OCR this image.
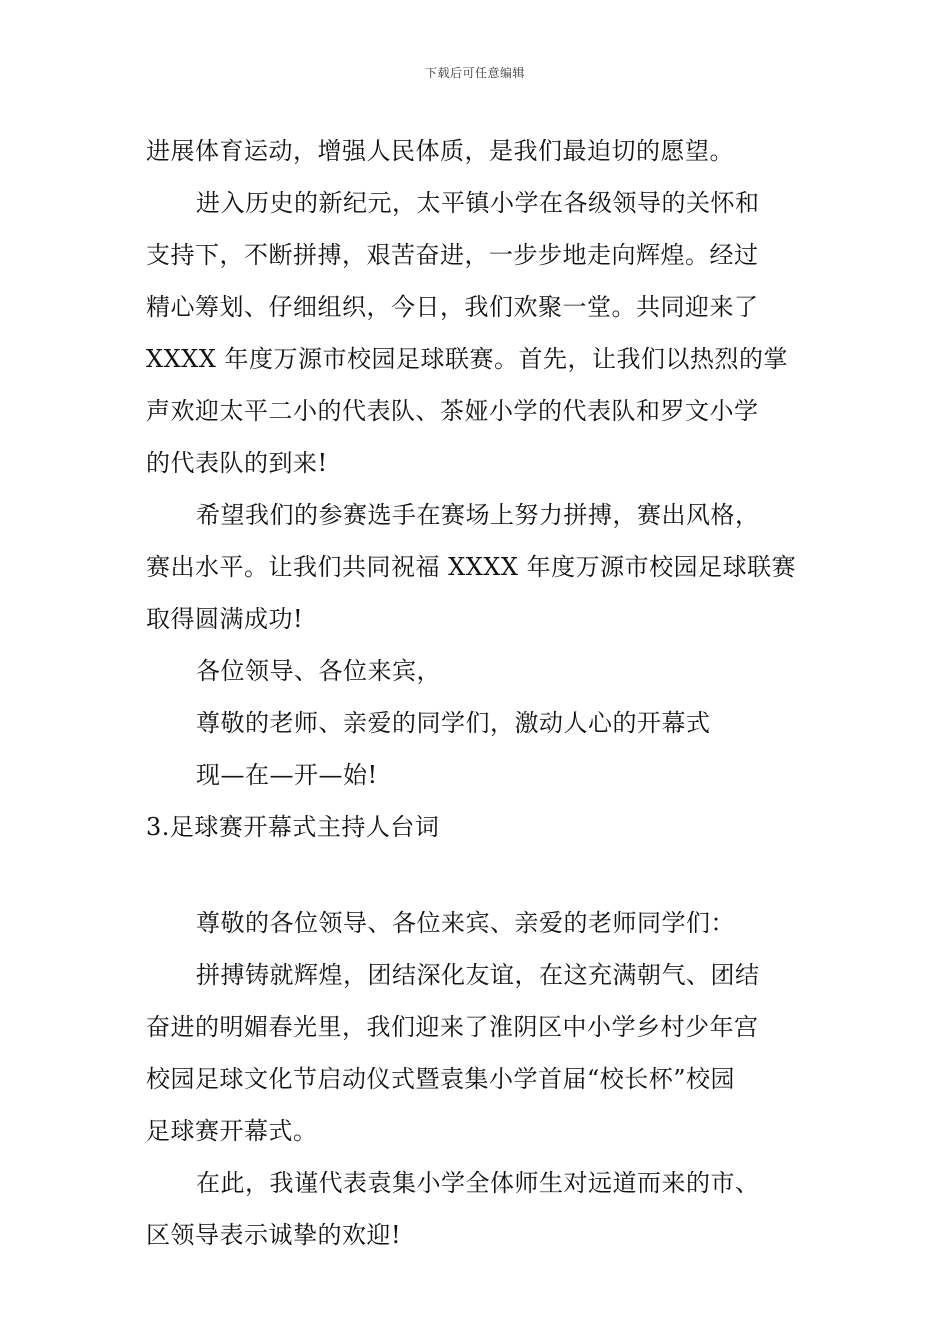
下载后可任意编辑
进展体育运动，增强人民体质，是我们最迫切的愿望。
进入历史的新纪元，太平镇小学在各级领导的关怀和
支持下，不断拼搏，艰苦奋进，一步步地走向辉煌。经过
精心筹划、仔细组织，今日，我们欢聚一堂。共同迎来了
XXXX 年度万源市校园足球联赛。首先，让我们以热烈的掌
声欢迎太平二小的代表队、茶娅小学的代表队和罗文小学
的代表队的到来!
希望我们的参赛选手在赛场上努力拼搏，赛出风格，
赛出水平。让我们共同祝福 XXXX 年度万源市校园足球联赛
取得圆满成功!
各位领导、各位来宾，
尊敬的老师、亲爱的同学们，激动人心的开幕式
现—在—开—始!
3.足球赛开幕式主持人台词
尊敬的各位领导、各位来宾、亲爱的老师同学们：
拼搏铸就辉煌，团结深化友谊，在这充满朝气、团结
奋进的明媚春光里，我们迎来了淮阴区中小学乡村少年宫
校园足球文化节启动仪式暨袁集小学首届“校长杯”校园
足球赛开幕式。
在此，我谨代表袁集小学全体师生对远道而来的市、
区领导表示诚挚的欢迎!
